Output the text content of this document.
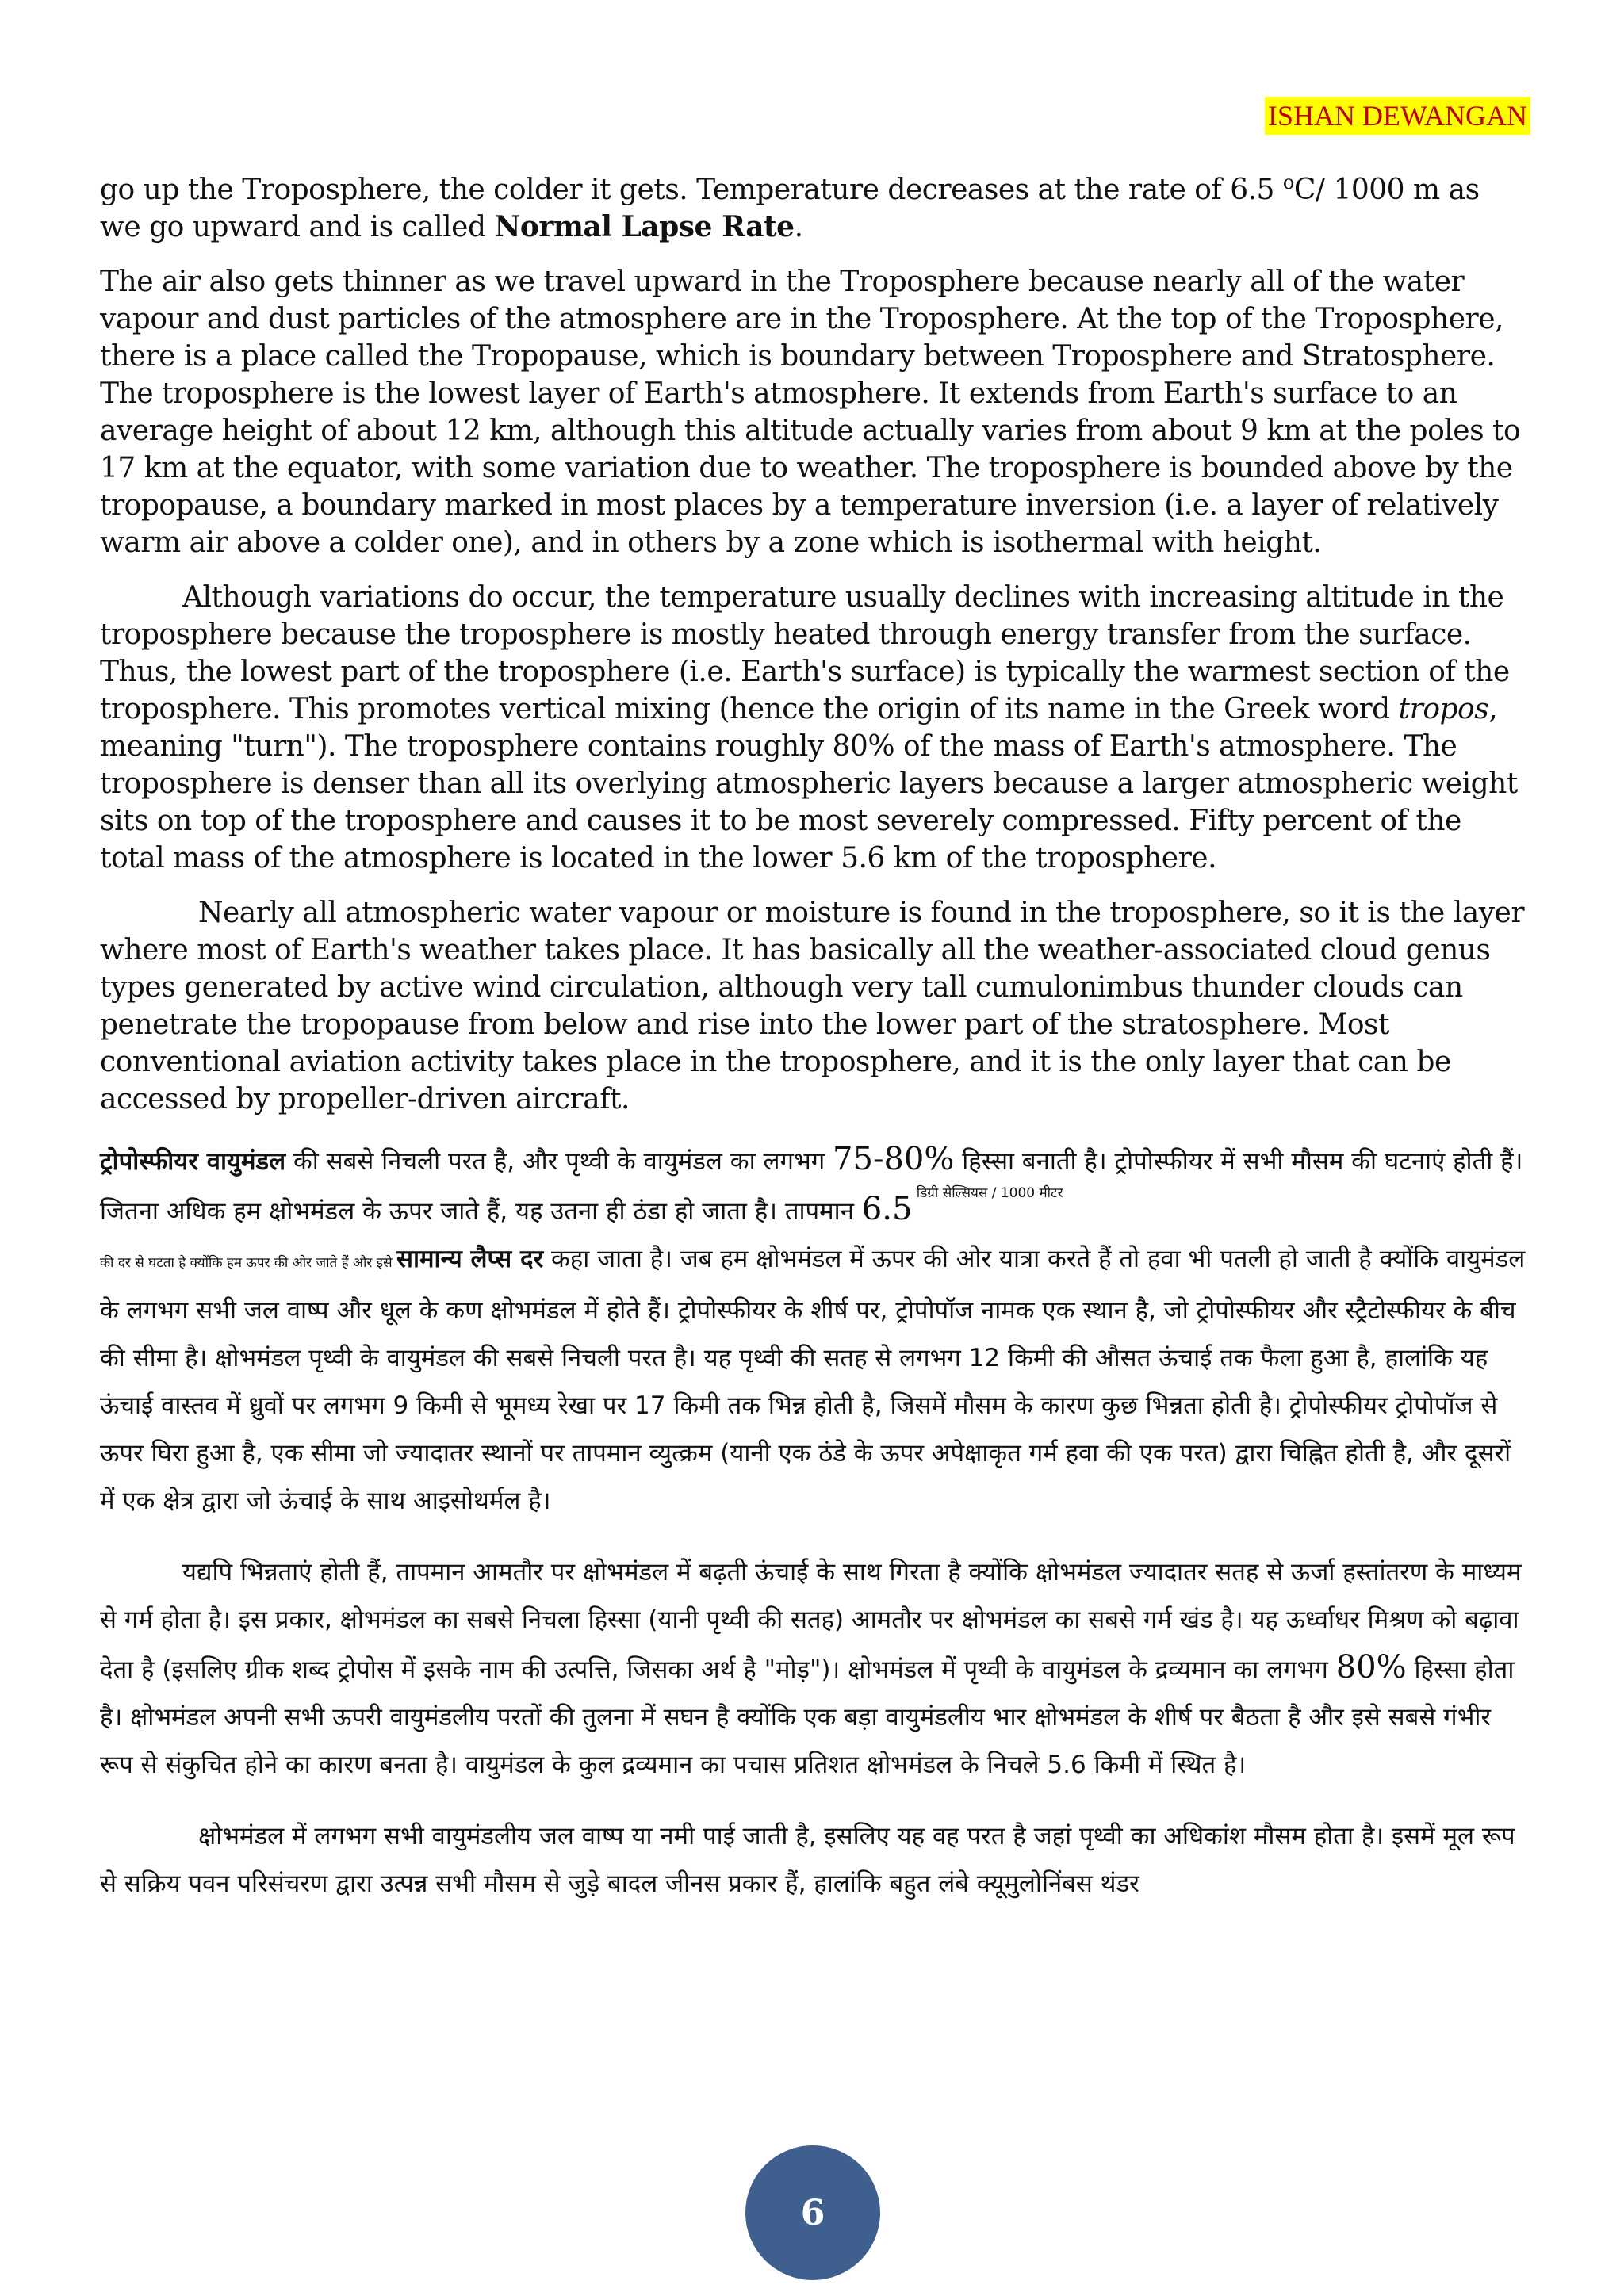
ISHAN DEWANGAN

go up the Troposphere, the colder it gets. Temperature decreases at the rate of 6.5 $^o$C/ 1000 m as we go upward and is called Normal Lapse Rate.

The air also gets thinner as we travel upward in the Troposphere because nearly all of the water vapour and dust particles of the atmosphere are in the Troposphere. At the top of the Troposphere, there is a place called the Tropopause, which is boundary between Troposphere and Stratosphere. The troposphere is the lowest layer of Earth's atmosphere. It extends from Earth's surface to an average height of about 12 km, although this altitude actually varies from about 9 km at the poles to 17 km at the equator, with some variation due to weather. The troposphere is bounded above by the tropopause, a boundary marked in most places by a temperature inversion (i.e. a layer of relatively warm air above a colder one), and in others by a zone which is isothermal with height.

Although variations do occur, the temperature usually declines with increasing altitude in the troposphere because the troposphere is mostly heated through energy transfer from the surface. Thus, the lowest part of the troposphere (i.e. Earth's surface) is typically the warmest section of the troposphere. This promotes vertical mixing (hence the origin of its name in the Greek word tropos, meaning "turn"). The troposphere contains roughly 80% of the mass of Earth's atmosphere. The troposphere is denser than all its overlying atmospheric layers because a larger atmospheric weight sits on top of the troposphere and causes it to be most severely compressed. Fifty percent of the total mass of the atmosphere is located in the lower 5.6 km of the troposphere.

Nearly all atmospheric water vapour or moisture is found in the troposphere, so it is the layer where most of Earth's weather takes place. It has basically all the weather-associated cloud genus types generated by active wind circulation, although very tall cumulonimbus thunder clouds can penetrate the tropopause from below and rise into the lower part of the stratosphere. Most conventional aviation activity takes place in the troposphere, and it is the only layer that can be accessed by propeller-driven aircraft.

ट्रोपोस्फीयर वायुमंडल की सबसे निचली परत है, और पृथ्वी के वायुमंडल का लगभग 75-80% हिस्सा बनाती है। ट्रोपोस्फीयर में सभी मौसम की घटनाएं होती हैं। जितना अधिक हम क्षोभमंडल के ऊपर जाते हैं, यह उतना ही ठंडा हो जाता है। तापमान 6.5 $^{डिग्री सेल्सियस / 1000 मीटर}$
की दर से घटता है क्योंकि हम ऊपर की ओर जाते हैं और इसे सामान्य लैप्स दर कहा जाता है। जब हम क्षोभमंडल में ऊपर की ओर यात्रा करते हैं तो हवा भी पतली हो जाती है क्योंकि वायुमंडल के लगभग सभी जल वाष्प और धूल के कण क्षोभमंडल में होते हैं। ट्रोपोस्फीयर के शीर्ष पर, ट्रोपोपॉज नामक एक स्थान है, जो ट्रोपोस्फीयर और स्ट्रैटोस्फीयर के बीच की सीमा है। क्षोभमंडल पृथ्वी के वायुमंडल की सबसे निचली परत है। यह पृथ्वी की सतह से लगभग 12 किमी की औसत ऊंचाई तक फैला हुआ है, हालांकि यह ऊंचाई वास्तव में ध्रुवों पर लगभग 9 किमी से भूमध्य रेखा पर 17 किमी तक भिन्न होती है, जिसमें मौसम के कारण कुछ भिन्नता होती है। ट्रोपोस्फीयर ट्रोपोपॉज से ऊपर घिरा हुआ है, एक सीमा जो ज्यादातर स्थानों पर तापमान व्युत्क्रम (यानी एक ठंडे के ऊपर अपेक्षाकृत गर्म हवा की एक परत) द्वारा चिह्नित होती है, और दूसरों में एक क्षेत्र द्वारा जो ऊंचाई के साथ आइसोथर्मल है।

यद्यपि भिन्नताएं होती हैं, तापमान आमतौर पर क्षोभमंडल में बढ़ती ऊंचाई के साथ गिरता है क्योंकि क्षोभमंडल ज्यादातर सतह से ऊर्जा हस्तांतरण के माध्यम से गर्म होता है। इस प्रकार, क्षोभमंडल का सबसे निचला हिस्सा (यानी पृथ्वी की सतह) आमतौर पर क्षोभमंडल का सबसे गर्म खंड है। यह ऊर्ध्वाधर मिश्रण को बढ़ावा देता है (इसलिए ग्रीक शब्द ट्रोपोस में इसके नाम की उत्पत्ति, जिसका अर्थ है "मोड़")। क्षोभमंडल में पृथ्वी के वायुमंडल के द्रव्यमान का लगभग 80% हिस्सा होता है। क्षोभमंडल अपनी सभी ऊपरी वायुमंडलीय परतों की तुलना में सघन है क्योंकि एक बड़ा वायुमंडलीय भार क्षोभमंडल के शीर्ष पर बैठता है और इसे सबसे गंभीर रूप से संकुचित होने का कारण बनता है। वायुमंडल के कुल द्रव्यमान का पचास प्रतिशत क्षोभमंडल के निचले 5.6 किमी में स्थित है।

क्षोभमंडल में लगभग सभी वायुमंडलीय जल वाष्प या नमी पाई जाती है, इसलिए यह वह परत है जहां पृथ्वी का अधिकांश मौसम होता है। इसमें मूल रूप से सक्रिय पवन परिसंचरण द्वारा उत्पन्न सभी मौसम से जुड़े बादल जीनस प्रकार हैं, हालांकि बहुत लंबे क्यूमुलोनिंबस थंडर

6
